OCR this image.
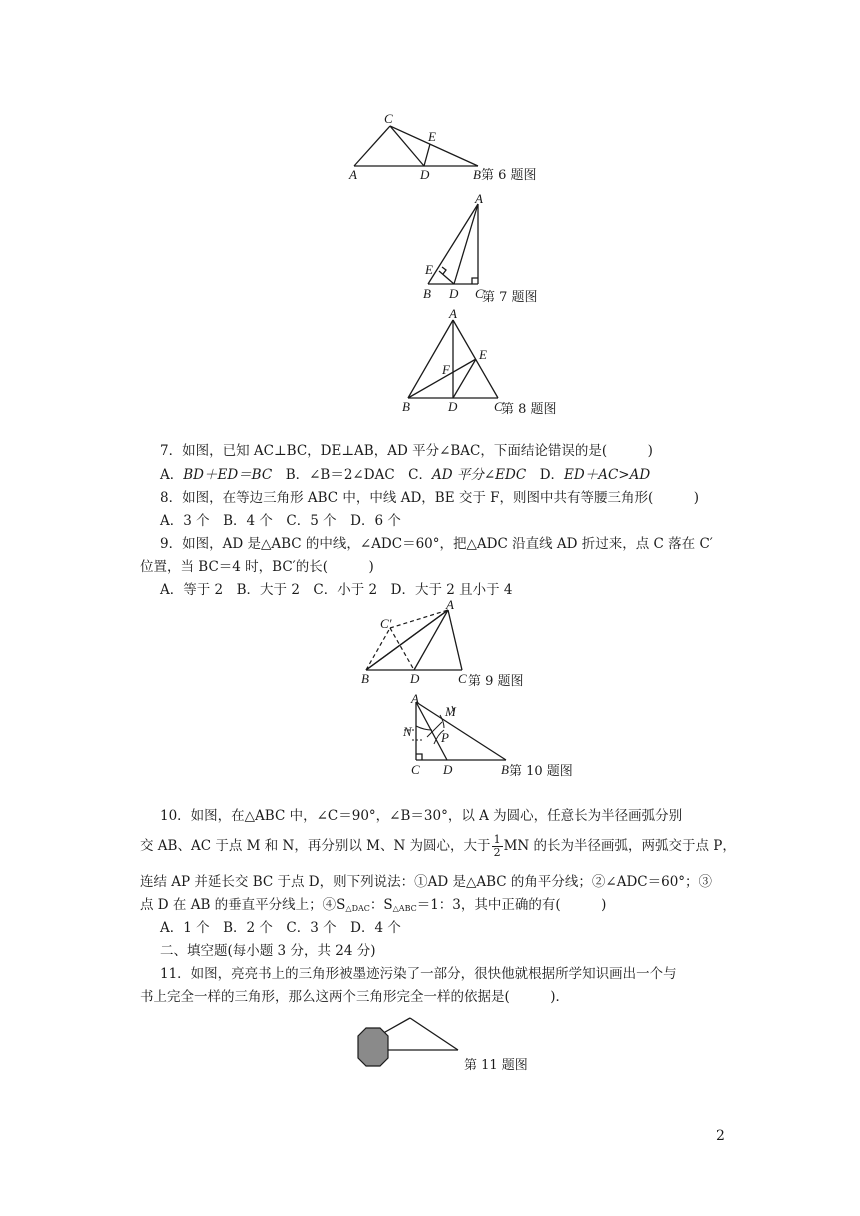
C
E
A	D	B 第 6 题图
A
E
B D C
第 7 题图
A
E
F
B	D	C
第 8 题图
7．如图，已知 AC⊥BC，DE⊥AB，AD 平分∠BAC，下面结论错误的是(　　　)
A．BD＋ED＝BC　 B．∠B＝2∠DAC　 C．AD 平分∠EDC　 D．ED＋AC>AD
8．如图，在等边三角形 ABC 中，中线 AD，BE 交于 F，则图中共有等腰三角形(　　　)
A．3 个　B．4 个　C．5 个　D．6 个
9．如图，AD 是△ABC 的中线，∠ADC＝60°，把△ADC 沿直线 AD 折过来，点 C 落在 C′
位置，当 BC＝4 时，BC′的长(　　　)
A．等于 2　B．大于 2　C．小于 2　D．大于 2 且小于 4
A
C′
B	D	C 第 9 题图
A
M
N P
C D	B 第 10 题图
10．如图，在△ABC 中，∠C＝90°，∠B＝30°，以 A 为圆心，任意长为半径画弧分别
交 AB、AC 于点 M 和 N，再分别以 M、N 为圆心，大于 $\frac{1}{2}$ MN 的长为半径画弧，两弧交于点 P，
连结 AP 并延长交 BC 于点 D，则下列说法：①AD 是△ABC 的角平分线；②∠ADC＝60°；③
点 D 在 AB 的垂直平分线上；$④S_{\triangle DAC}$：$S_{\triangle ABC}=1$：3，其中正确的有(　　　)
A．1 个　B．2 个　C．3 个　D．4 个
二、填空题(每小题 3 分，共 24 分)
11．如图，亮亮书上的三角形被墨迹污染了一部分，很快他就根据所学知识画出一个与
书上完全一样的三角形，那么这两个三角形完全一样的依据是(　　　)．
第 11 题图
2
